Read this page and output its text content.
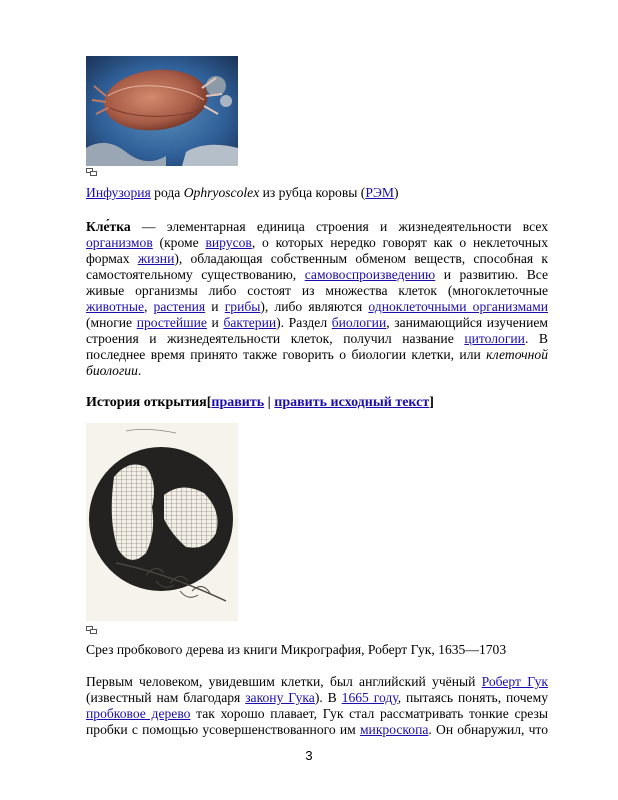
Инфузория рода Ophryoscolex из рубца коровы (РЭМ)
Кле́тка — элементарная единица строения и жизнедеятельности всех
организмов (кроме вирусов, о которых нередко говорят как о неклеточных
формах жизни), обладающая собственным обменом веществ, способная к
самостоятельному существованию, самовоспроизведению и развитию. Все
живые организмы либо состоят из множества клеток (многоклеточные
животные, растения и грибы), либо являются одноклеточными организмами
(многие простейшие и бактерии). Раздел биологии, занимающийся изучением
строения и жизнедеятельности клеток, получил название цитологии. В
последнее время принято также говорить о биологии клетки, или клеточной
биологии.
История открытия[править | править исходный текст]
Срез пробкового дерева из книги Микрография, Роберт Гук, 1635—1703
Первым человеком, увидевшим клетки, был английский учёный Роберт Гук
(известный нам благодаря закону Гука). В 1665 году, пытаясь понять, почему
пробковое дерево так хорошо плавает, Гук стал рассматривать тонкие срезы
пробки с помощью усовершенствованного им микроскопа. Он обнаружил, что
3
